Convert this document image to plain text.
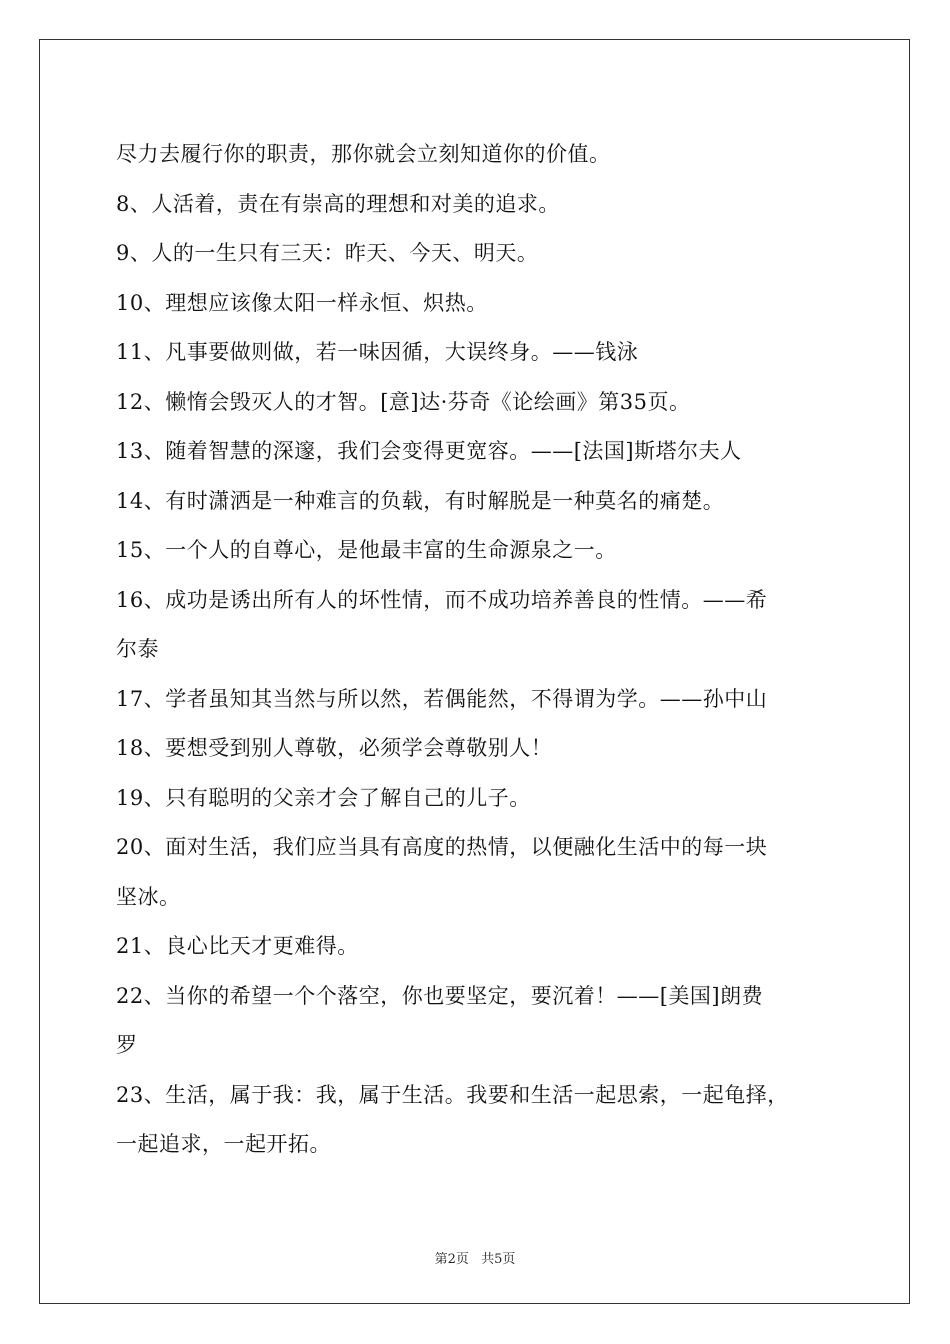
尽力去履行你的职责，那你就会立刻知道你的价值。
8、人活着，责在有崇高的理想和对美的追求。
9、人的一生只有三天：昨天、今天、明天。
10、理想应该像太阳一样永恒、炽热。
11、凡事要做则做，若一味因循，大误终身。——钱泳
12、懒惰会毁灭人的才智。[意]达·芬奇《论绘画》第35页。
13、随着智慧的深邃，我们会变得更宽容。——[法国]斯塔尔夫人
14、有时潇洒是一种难言的负载，有时解脱是一种莫名的痛楚。
15、一个人的自尊心，是他最丰富的生命源泉之一。
16、成功是诱出所有人的坏性情，而不成功培养善良的性情。——希
尔泰
17、学者虽知其当然与所以然，若偶能然，不得谓为学。——孙中山
18、要想受到别人尊敬，必须学会尊敬别人！
19、只有聪明的父亲才会了解自己的儿子。
20、面对生活，我们应当具有高度的热情，以便融化生活中的每一块
坚冰。
21、良心比天才更难得。
22、当你的希望一个个落空，你也要坚定，要沉着！——[美国]朗费
罗
23、生活，属于我：我，属于生活。我要和生活一起思索，一起龟择，
一起追求，一起开拓。
第2页 共5页
